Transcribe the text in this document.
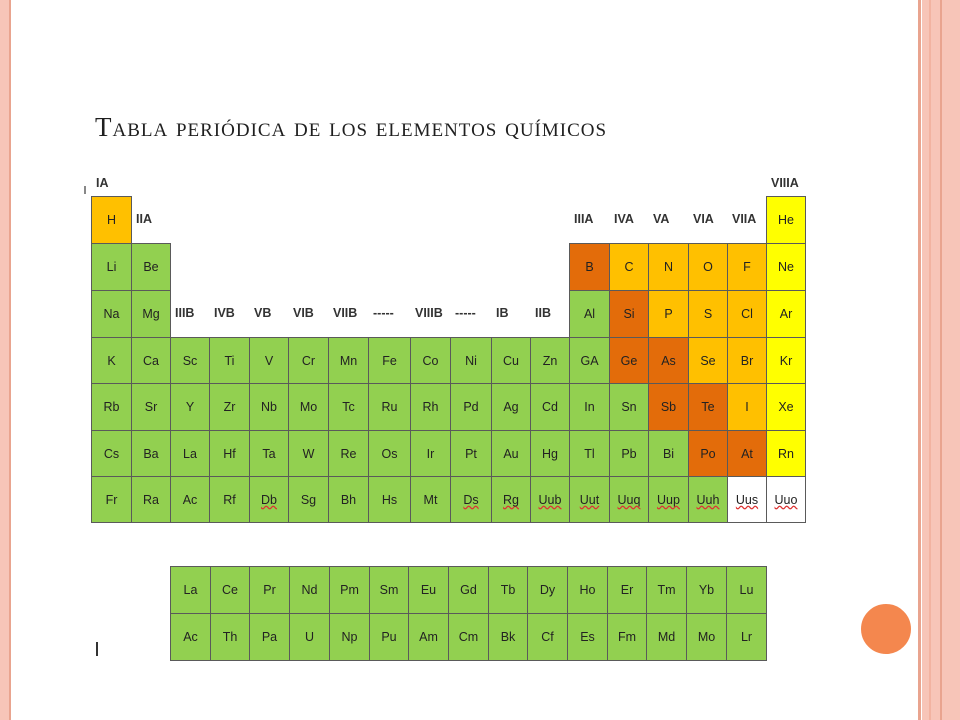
Tabla periódica de los elementos químicos
H	He
Li Be	B C N O F Ne
Na Mg	Al Si P S Cl Ar
K Ca Sc Ti V Cr Mn Fe Co Ni Cu Zn GA Ge As Se Br Kr
Rb Sr Y Zr Nb Mo Tc Ru Rh Pd Ag Cd In Sn Sb Te I Xe
Cs Ba La Hf Ta W Re Os Ir Pt Au Hg Tl Pb Bi Po At Rn
Fr Ra Ac Rf Db Sg Bh Hs Mt Ds Rg Uub Uut Uuq Uup Uuh Uus Uuo
IA
IIA
IIIB IVB VB VIB VIIB ----- VIIIB ----- IB IIB
IIIA IVA VA VIA VIIA
VIIIA
La Ce Pr Nd Pm Sm Eu Gd Tb Dy Ho Er Tm Yb Lu
Ac Th Pa U Np Pu Am Cm Bk Cf Es Fm Md Mo Lr
